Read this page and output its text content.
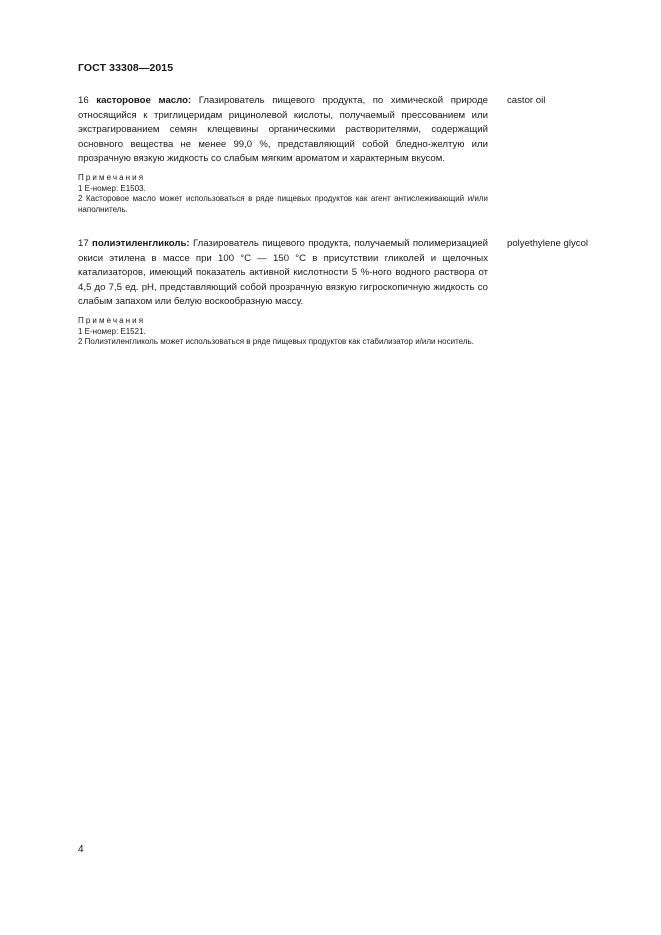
ГОСТ 33308—2015
16 касторовое масло: Глазирователь пищевого продукта, по химической природе относящийся к триглицеридам рицинолевой кислоты, получаемый прессованием или экстрагированием семян клещевины органическими растворителями, содержащий основного вещества не менее 99,0 %, представляющий собой бледно-желтую или прозрачную вязкую жидкость со слабым мягким ароматом и характерным вкусом.
Примечания
1 Е-номер: Е1503.
2 Касторовое масло может использоваться в ряде пищевых продуктов как агент антислеживающий и/или наполнитель.
castor oil
17 полиэтиленгликоль: Глазирователь пищевого продукта, получаемый полимеризацией окиси этилена в массе при 100 °С — 150 °С в присутствии гликолей и щелочных катализаторов, имеющий показатель активной кислотности 5 %-ного водного раствора от 4,5 до 7,5 ед. рН, представляющий собой прозрачную вязкую гигроскопичную жидкость со слабым запахом или белую воскообразную массу.
Примечания
1 Е-номер: Е1521.
2 Полиэтиленгликоль может использоваться в ряде пищевых продуктов как стабилизатор и/или носитель.
polyethylene glycol
4
